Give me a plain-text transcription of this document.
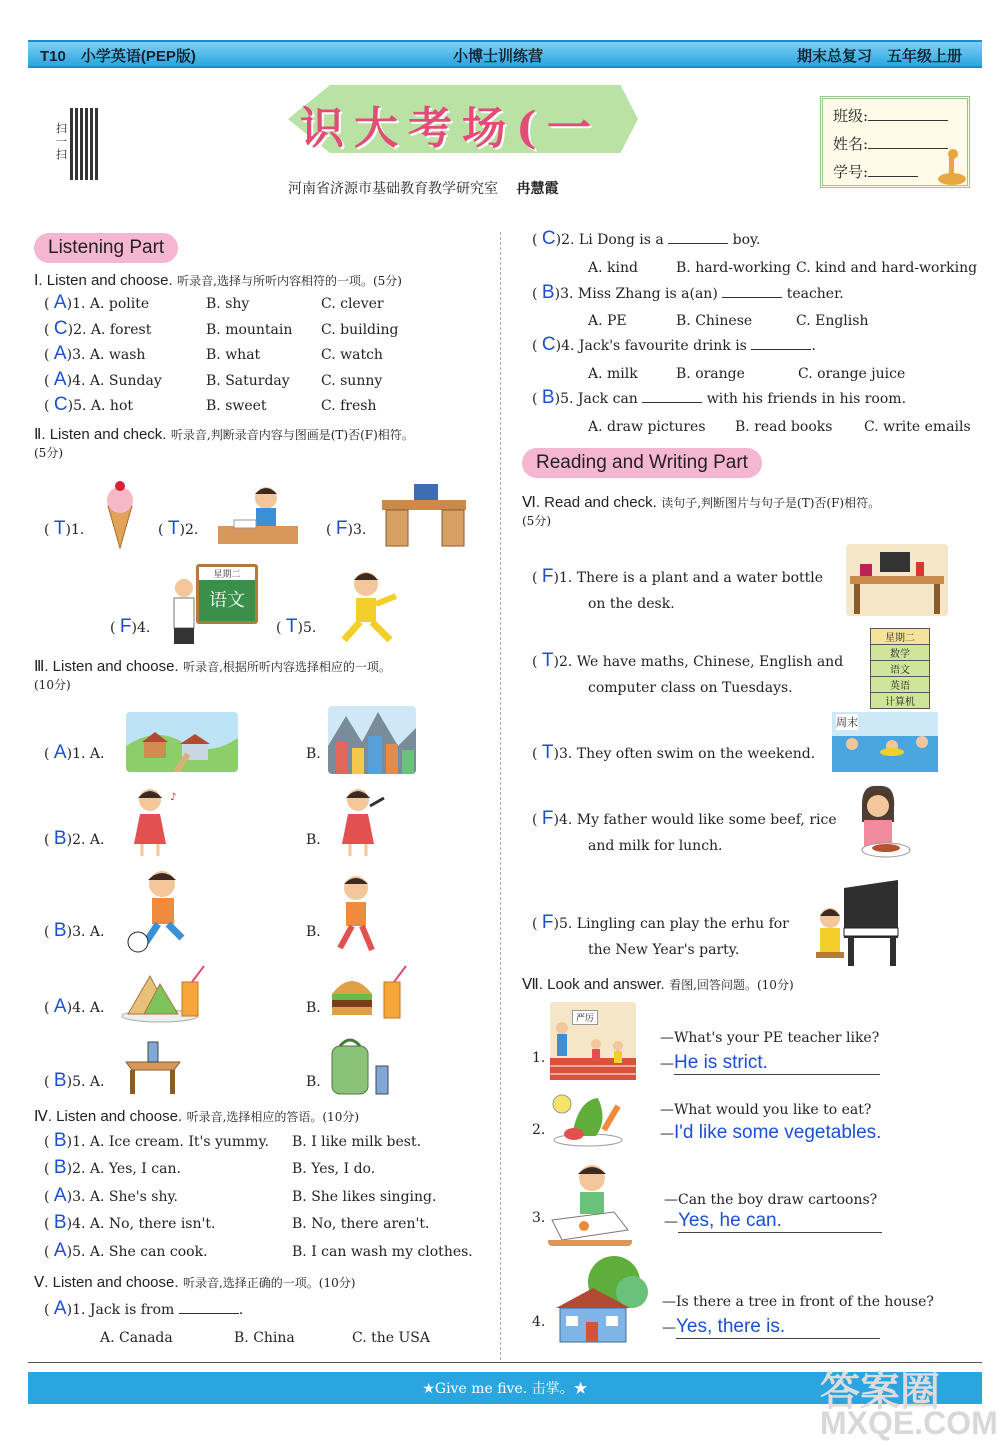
T10　小学英语(PEP版)	小博士训练营	期末总复习　五年级上册
扫一扫
识大考场(一
河南省济源市基础教育教学研究室 冉慧霞
班级:
姓名:
学号:
Listening Part
Ⅰ. Listen and choose. 听录音,选择与所听内容相符的一项。(5分)
( A)1. A. polite	B. shy	C. clever
( C)2. A. forest	B. mountain C. building
( A)3. A. wash	B. what	C. watch
( A)4. A. Sunday	B. Saturday C. sunny
( C)5. A. hot	B. sweet	C. fresh
Ⅱ. Listen and check. 听录音,判断录音内容与图画是(T)否(F)相符。
(5分)
( T)1.	( T)2.	( F)3.
( F)4.
星期二
语文
( T)5.
Ⅲ. Listen and choose. 听录音,根据所听内容选择相应的一项。
(10分)
( A)1. A.	B.
( B)2. A.
♪
B.
( B)3. A.	B.
( A)4. A.	B.
( B)5. A.	B.
Ⅳ. Listen and choose. 听录音,选择相应的答语。(10分)
( B)1. A. Ice cream. It's yummy. B. I like milk best.
( B)2. A. Yes, I can.	B. Yes, I do.
( A)3. A. She's shy.	B. She likes singing.
( B)4. A. No, there isn't.	B. No, there aren't.
( A)5. A. She can cook.	B. I can wash my clothes.
Ⅴ. Listen and choose. 听录音,选择正确的一项。(10分)
( A)1. Jack is from	.
A. Canada	B. China	C. the USA
( C)2. Li Dong is a	boy.
A. kind	B. hard-working C. kind and hard-working
( B)3. Miss Zhang is a(an)	teacher.
A. PE	B. Chinese	C. English
( C)4. Jack's favourite drink is	.
A. milk	B. orange	C. orange juice
( B)5. Jack can	with his friends in his room.
A. draw pictures B. read books C. write emails
Reading and Writing Part
Ⅵ. Read and check. 读句子,判断图片与句子是(T)否(F)相符。
(5分)
( F)1. There is a plant and a water bottle
on the desk.
( T)2. We have maths, Chinese, English and
computer class on Tuesdays.
星期二
数学
语文
英语
计算机
( T)3. They often swim on the weekend.
周末
( F)4. My father would like some beef, rice
and milk for lunch.
( F)5. Lingling can play the erhu for
the New Year's party.
Ⅶ. Look and answer. 看图,回答问题。(10分)
1.
严厉
—What's your PE teacher like?
—He is strict.
2.
—What would you like to eat?
—I'd like some vegetables.
3.
—Can the boy draw cartoons?
—Yes, he can.
4.
—Is there a tree in front of the house?
—Yes, there is.
★Give me five. 击掌。★	答案圈
MXQE.COM
